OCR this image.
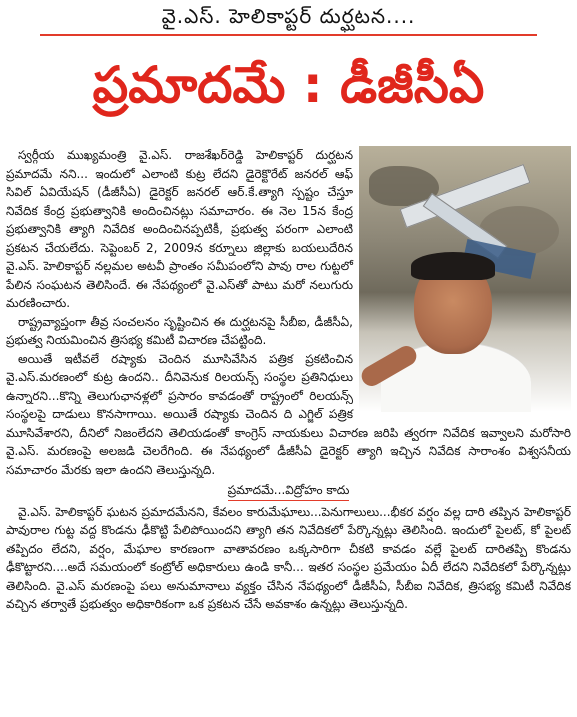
వై.ఎస్. హెలికాప్టర్ దుర్ఘటన....
ప్రమాదమే : డీజీసీఏ

స్వర్గీయ ముఖ్యమంత్రి వై.ఎస్. రాజశేఖర్‌రెడ్డి హెలికాప్టర్ దుర్ఘటన ప్రమాదమే నని... ఇందులో ఎలాంటి కుట్ర లేదని డైరెక్టొరేట్ జనరల్ ఆఫ్ సివిల్ ఏవియేషన్ (డీజీసీఏ) డైరెక్టర్ జనరల్ ఆర్.కే.త్యాగి స్పష్టం చేస్తూ నివేదిక కేంద్ర ప్రభుత్వానికి అందించినట్లు సమాచారం. ఈ నెల 15న కేంద్ర ప్రభుత్వానికి త్యాగి నివేదిక అందించినప్పటికీ, ప్రభుత్వ పరంగా ఎలాంటి ప్రకటన చేయలేదు. సెప్టెంబర్ 2, 2009న కర్నూలు జిల్లాకు బయలుదేరిన వై.ఎస్. హెలికాప్టర్ నల్లమల అటవీ ప్రాంతం సమీపంలోని పావు రాల గుట్టలో పేలిన సంఘటన తెలిసిందే. ఈ నేపథ్యంలో వై.ఎస్‌తో పాటు మరో నలుగురు మరణించారు.

రాష్ట్రవ్యాప్తంగా తీవ్ర సంచలనం సృష్టించిన ఈ దుర్ఘటనపై సీబీఐ, డీజీసీఏ, ప్రభుత్వ నియమించిన త్రిసభ్య కమిటీ విచారణ చేపట్టింది.

అయితే ఇటీవలే రష్యాకు చెందిన మూసివేసిన పత్రిక ప్రకటించిన వై.ఎస్.మరణంలో కుట్ర ఉందని.. దీనివెనుక రిలయన్స్ సంస్థల ప్రతినిధులు ఉన్నారని...కొన్ని తెలుగుఛానళ్లలో ప్రసారం కావడంతో రాష్ట్రంలో రిలయన్స్ సంస్థలపై దాడులు కొనసాగాయి. అయితే రష్యాకు చెందిన ది ఎగ్జిల్ పత్రిక మూసివేశారని, దీనిలో నిజంలేదని తెలియడంతో కాంగ్రెస్ నాయకులు విచారణ జరిపి త్వరగా నివేదిక ఇవ్వాలని మరోసారి వై.ఎస్. మరణంపై అలజడి చెలరేగింది. ఈ నేపథ్యంలో డీజీసీఏ డైరెక్టర్ త్యాగి ఇచ్చిన నివేదిక సారాంశం విశ్వసనీయ సమాచారం మేరకు ఇలా ఉందని తెలుస్తున్నది.

ప్రమాదమే...విద్రోహం కాదు

వై.ఎస్. హెలికాప్టర్ ఘటన ప్రమాదమేనని, కేవలం కారుమేఘాలు...పెనుగాలులు...భీకర వర్షం వల్ల దారి తప్పిన హెలికాప్టర్ పావురాల గుట్ట వద్ద కొండను ఢీకొట్టి పేలిపోయిందని త్యాగి తన నివేదికలో పేర్కొన్నట్లు తెలిసింది. ఇందులో పైలట్, కో పైలట్ తప్పిదం లేదని, వర్షం, మేఘాల కారణంగా వాతావరణం ఒక్కసారిగా చీకటి కావడం వల్లే పైలట్ దారితప్పి కొండను ఢీకొట్టారని....అదే సమయంలో కంట్రోల్ అధికారులు ఉండి కానీ... ఇతర సంస్థల ప్రమేయం ఏదీ లేదని నివేదికలో పేర్కొన్నట్లు తెలిసింది. వై.ఎస్ మరణంపై పలు అనుమానాలు వ్యక్తం చేసిన నేపథ్యంలో డీజీసీఏ, సీబీఐ నివేదిక, త్రిసభ్య కమిటీ నివేదిక వచ్చిన తర్వాతే ప్రభుత్వం అధికారికంగా ఒక ప్రకటన చేసే అవకాశం ఉన్నట్లు తెలుస్తున్నది.
